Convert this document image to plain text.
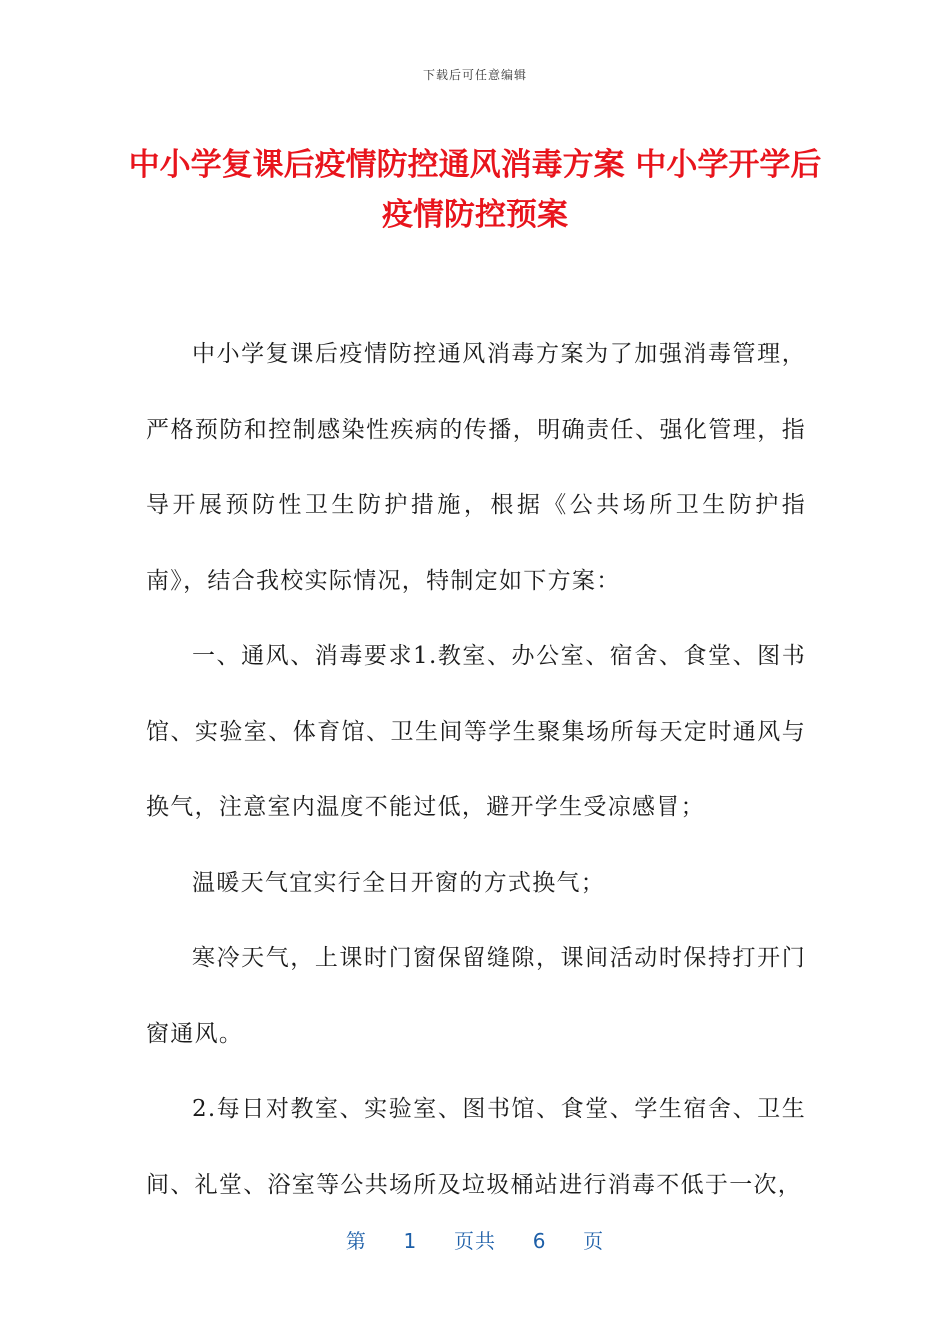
下载后可任意编辑
中小学复课后疫情防控通风消毒方案 中小学开学后疫情防控预案

中小学复课后疫情防控通风消毒方案为了加强消毒管理，严格预防和控制感染性疾病的传播，明确责任、强化管理，指导开展预防性卫生防护措施，根据《公共场所卫生防护指南》，结合我校实际情况，特制定如下方案：

一、通风、消毒要求1.教室、办公室、宿舍、食堂、图书馆、实验室、体育馆、卫生间等学生聚集场所每天定时通风与换气，注意室内温度不能过低，避开学生受凉感冒；

温暖天气宜实行全日开窗的方式换气；

寒冷天气，上课时门窗保留缝隙，课间活动时保持打开门窗通风。

2.每日对教室、实验室、图书馆、食堂、学生宿舍、卫生间、礼堂、浴室等公共场所及垃圾桶站进行消毒不低于一次，

第 1 页共 6 页
